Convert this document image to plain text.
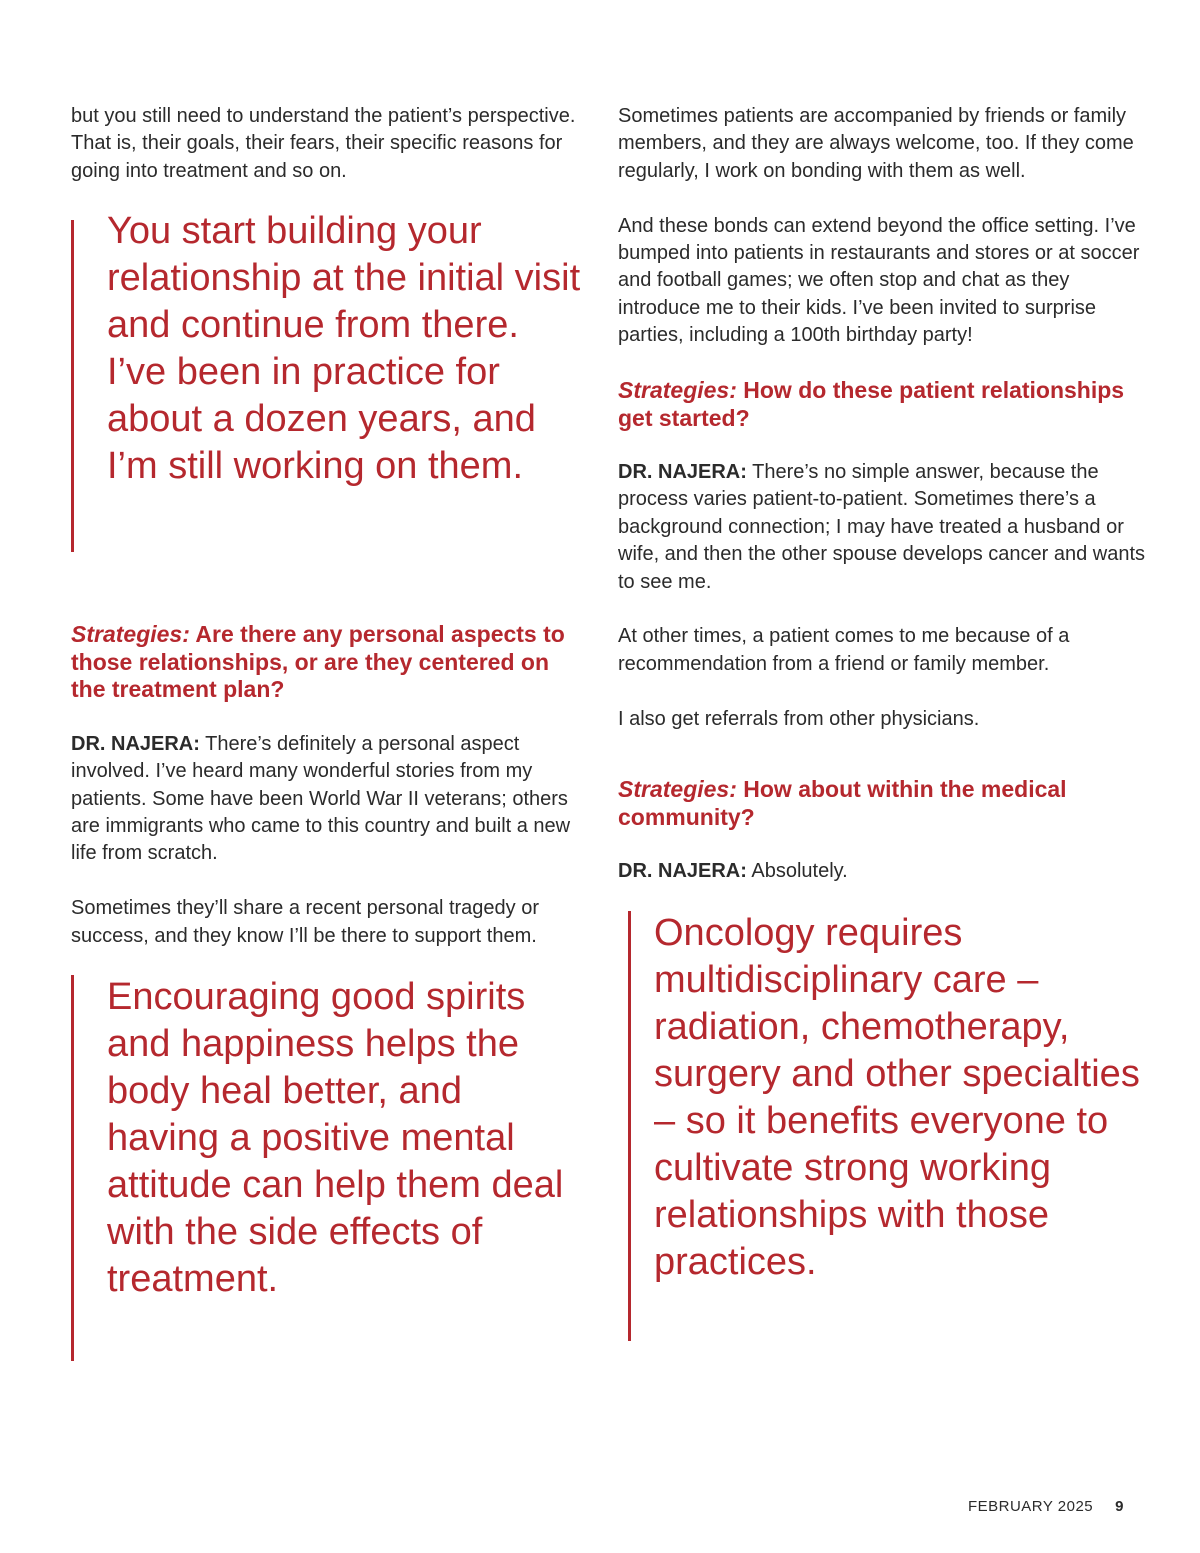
but you still need to understand the patient’s perspective. That is, their goals, their fears, their specific reasons for going into treatment and so on.

You start building your relationship at the initial visit and continue from there. I’ve been in practice for about a dozen years, and I’m still working on them.
Strategies: Are there any personal aspects to those relationships, or are they centered on the treatment plan?

DR. NAJERA: There’s definitely a personal aspect involved. I’ve heard many wonderful stories from my patients. Some have been World War II veterans; others are immigrants who came to this country and built a new life from scratch.

Sometimes they’ll share a recent personal tragedy or success, and they know I’ll be there to support them.

Encouraging good spirits and happiness helps the body heal better, and having a positive mental attitude can help them deal with the side effects of treatment.

Sometimes patients are accompanied by friends or family members, and they are always welcome, too. If they come regularly, I work on bonding with them as well.

And these bonds can extend beyond the office setting. I’ve bumped into patients in restaurants and stores or at soccer and football games; we often stop and chat as they introduce me to their kids. I’ve been invited to surprise parties, including a 100th birthday party!

Strategies: How do these patient relationships get started?

DR. NAJERA: There’s no simple answer, because the process varies patient-to-patient. Sometimes there’s a background connection; I may have treated a husband or wife, and then the other spouse develops cancer and wants to see me.

At other times, a patient comes to me because of a recommendation from a friend or family member.

I also get referrals from other physicians.

Strategies: How about within the medical community?

DR. NAJERA: Absolutely.

Oncology requires multidisciplinary care – radiation, chemotherapy, surgery and other specialties – so it benefits everyone to cultivate strong working relationships with those practices.
FEBRUARY 2025 9
